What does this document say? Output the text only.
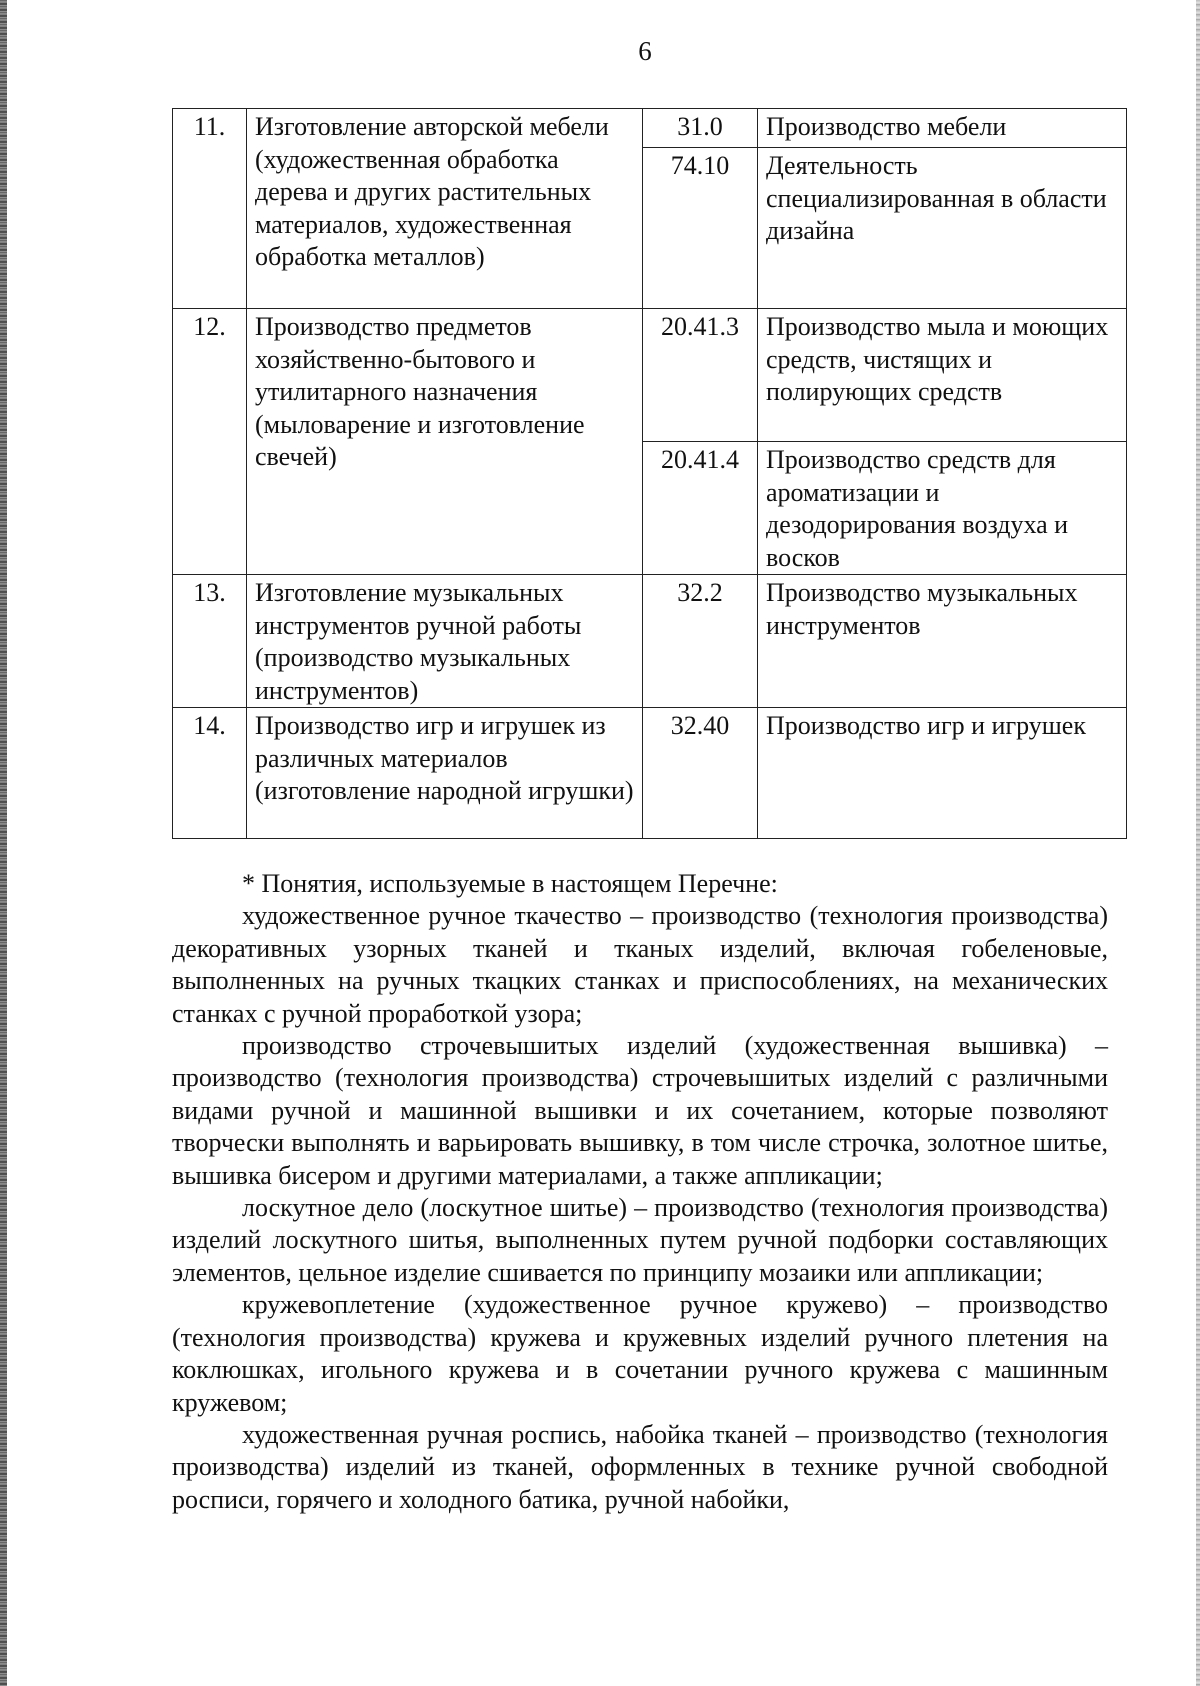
6
11.	Изготовление авторской мебели (художественная обработка дерева и других растительных материалов, художественная обработка металлов)	31.0	Производство мебели
		74.10	Деятельность специализированная в области дизайна
12.	Производство предметов хозяйственно-бытового и утилитарного назначения (мыловарение и изготовление свечей)	20.41.3	Производство мыла и моющих средств, чистящих и полирующих средств
		20.41.4	Производство средств для ароматизации и дезодорирования воздуха и восков
13.	Изготовление музыкальных инструментов ручной работы (производство музыкальных инструментов)	32.2	Производство музыкальных инструментов
14.	Производство игр и игрушек из различных материалов (изготовление народной игрушки)	32.40	Производство игр и игрушек

* Понятия, используемые в настоящем Перечне:

художественное ручное ткачество – производство (технология производства) декоративных узорных тканей и тканых изделий, включая гобеленовые, выполненных на ручных ткацких станках и приспособлениях, на механических станках с ручной проработкой узора;

производство строчевышитых изделий (художественная вышивка) – производство (технология производства) строчевышитых изделий с различными видами ручной и машинной вышивки и их сочетанием, которые позволяют творчески выполнять и варьировать вышивку, в том числе строчка, золотное шитье, вышивка бисером и другими материалами, а также аппликации;

лоскутное дело (лоскутное шитье) – производство (технология производства) изделий лоскутного шитья, выполненных путем ручной подборки составляющих элементов, цельное изделие сшивается по принципу мозаики или аппликации;

кружевоплетение (художественное ручное кружево) – производство (технология производства) кружева и кружевных изделий ручного плетения на коклюшках, игольного кружева и в сочетании ручного кружева с машинным кружевом;

художественная ручная роспись, набойка тканей – производство (технология производства) изделий из тканей, оформленных в технике ручной свободной росписи, горячего и холодного батика, ручной набойки,
